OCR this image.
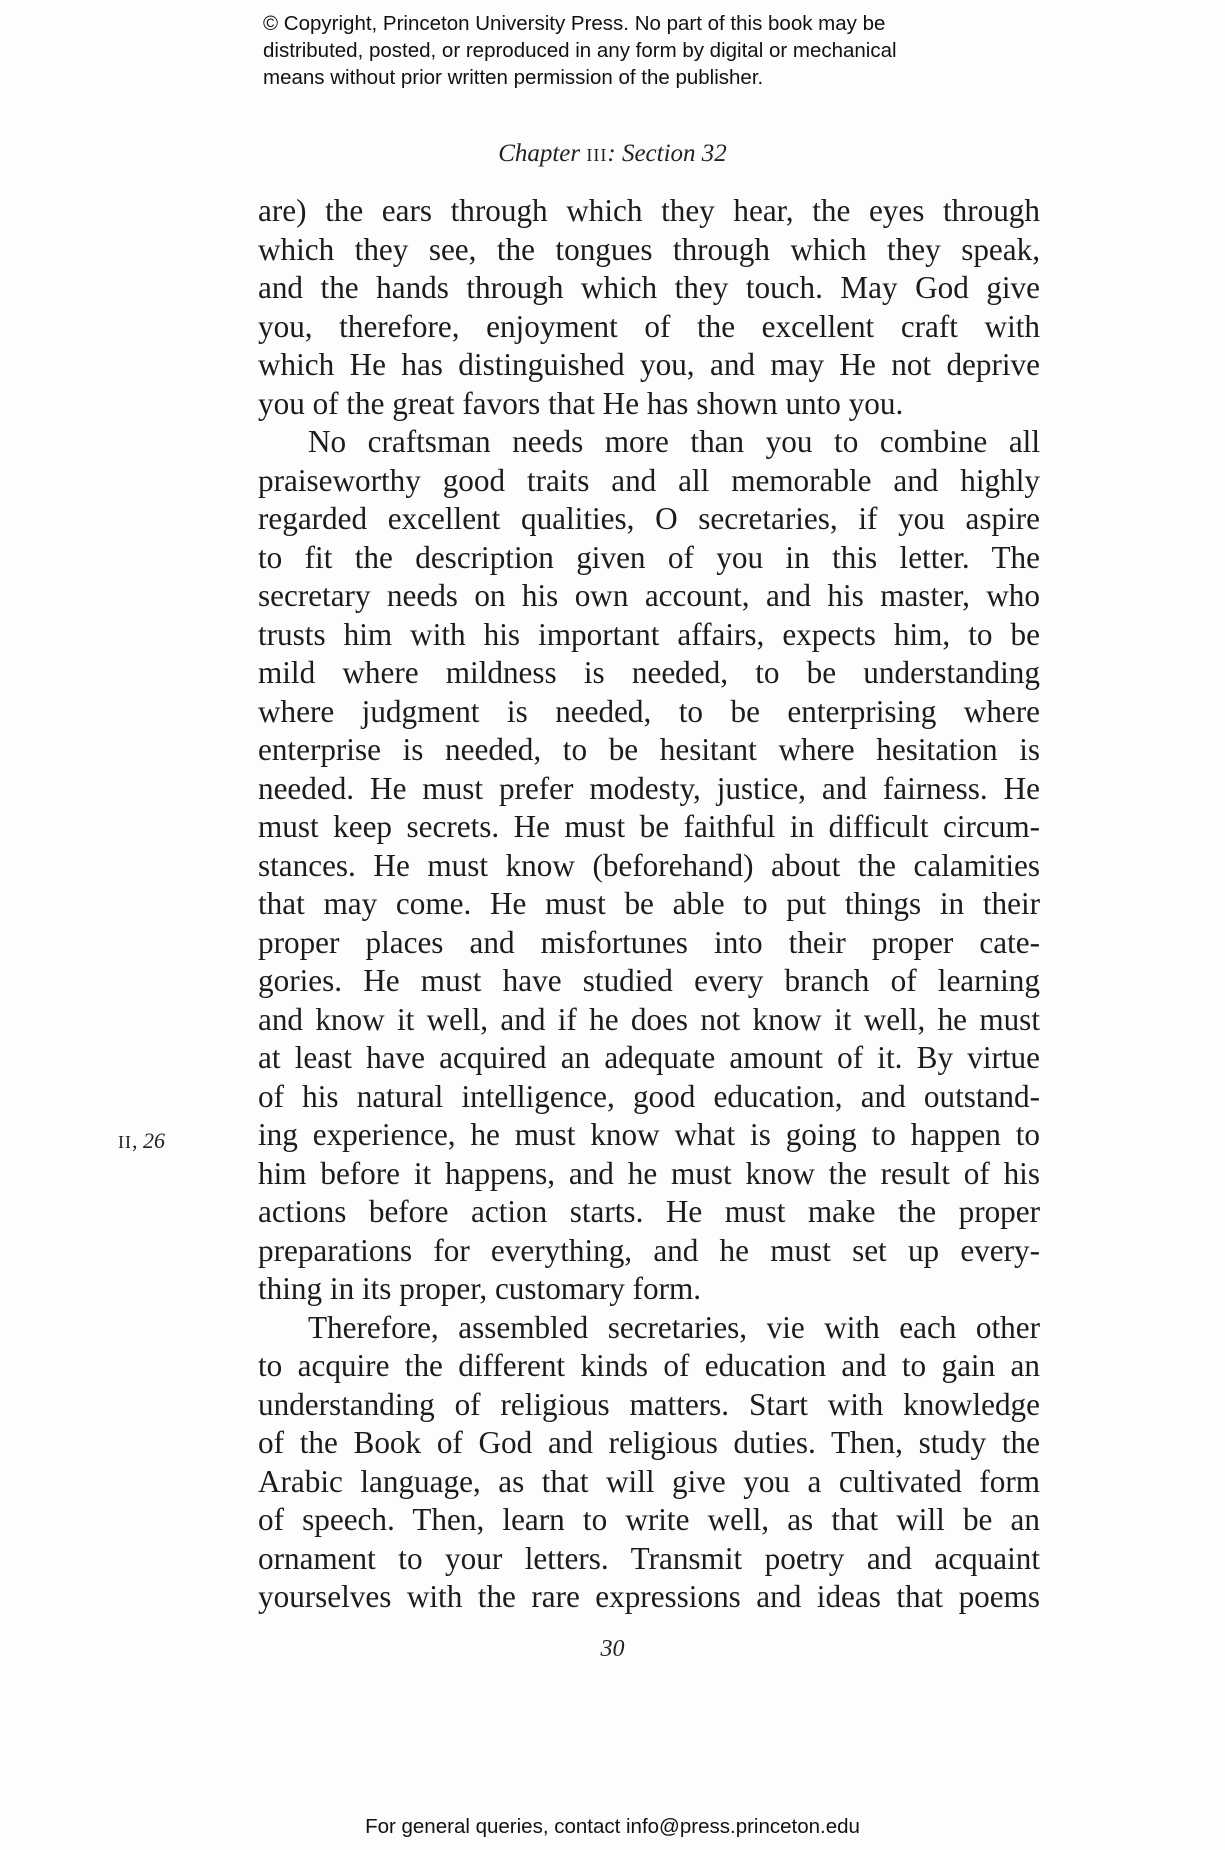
© Copyright, Princeton University Press. No part of this book may be
distributed, posted, or reproduced in any form by digital or mechanical
means without prior written permission of the publisher.
Chapter III: Section 32
are) the ears through which they hear, the eyes through
which they see, the tongues through which they speak,
and the hands through which they touch. May God give
you, therefore, enjoyment of the excellent craft with
which He has distinguished you, and may He not deprive
you of the great favors that He has shown unto you.
No craftsman needs more than you to combine all
praiseworthy good traits and all memorable and highly
regarded excellent qualities, O secretaries, if you aspire
to fit the description given of you in this letter. The
secretary needs on his own account, and his master, who
trusts him with his important affairs, expects him, to be
mild where mildness is needed, to be understanding
where judgment is needed, to be enterprising where
enterprise is needed, to be hesitant where hesitation is
needed. He must prefer modesty, justice, and fairness. He
must keep secrets. He must be faithful in difficult circum-
stances. He must know (beforehand) about the calamities
that may come. He must be able to put things in their
proper places and misfortunes into their proper cate-
gories. He must have studied every branch of learning
and know it well, and if he does not know it well, he must
at least have acquired an adequate amount of it. By virtue
of his natural intelligence, good education, and outstand-
ing experience, he must know what is going to happen to
him before it happens, and he must know the result of his
actions before action starts. He must make the proper
preparations for everything, and he must set up every-
thing in its proper, customary form.
Therefore, assembled secretaries, vie with each other
to acquire the different kinds of education and to gain an
understanding of religious matters. Start with knowledge
of the Book of God and religious duties. Then, study the
Arabic language, as that will give you a cultivated form
of speech. Then, learn to write well, as that will be an
ornament to your letters. Transmit poetry and acquaint
yourselves with the rare expressions and ideas that poems
II, 26
30
For general queries, contact info@press.princeton.edu
